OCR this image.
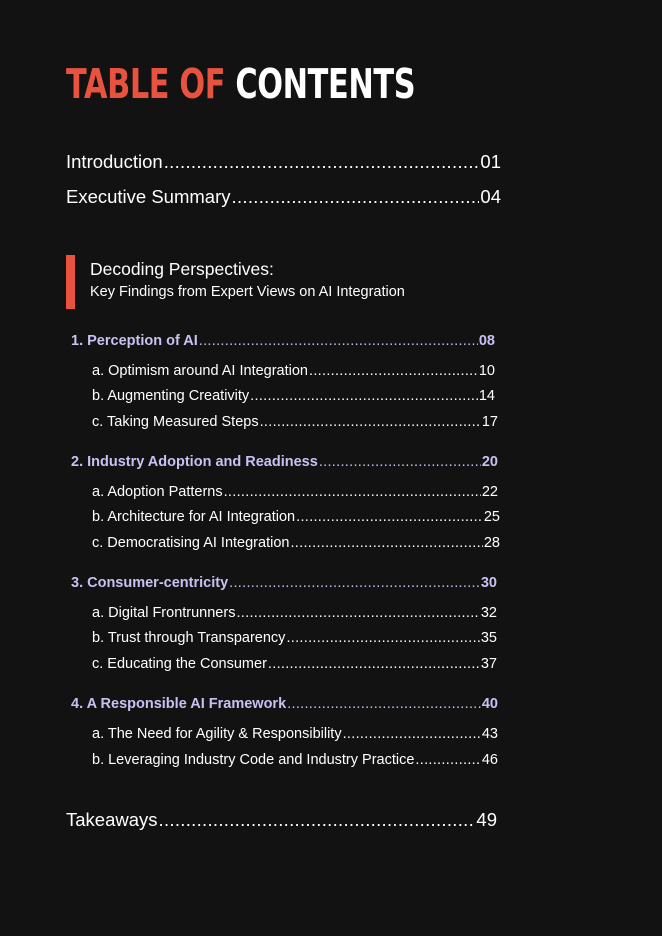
TABLE OF CONTENTS
Introduction .....	01
Executive Summary .....	04
Decoding Perspectives:
Key Findings from Expert Views on AI Integration
1. Perception of AI .....	08
a. Optimism around AI Integration .....	10
b. Augmenting Creativity .....	14
c. Taking Measured Steps .....	17
2. Industry Adoption and Readiness .....	20
a. Adoption Patterns .....	22
b. Architecture for AI Integration .....	25
c. Democratising AI Integration .....	28
3. Consumer-centricity .....	30
a. Digital Frontrunners .....	32
b. Trust through Transparency .....	35
c. Educating the Consumer .....	37
4. A Responsible AI Framework .....	40
a. The Need for Agility & Responsibility .....	43
b. Leveraging Industry Code and Industry Practice .....	46
Takeaways .....	49
